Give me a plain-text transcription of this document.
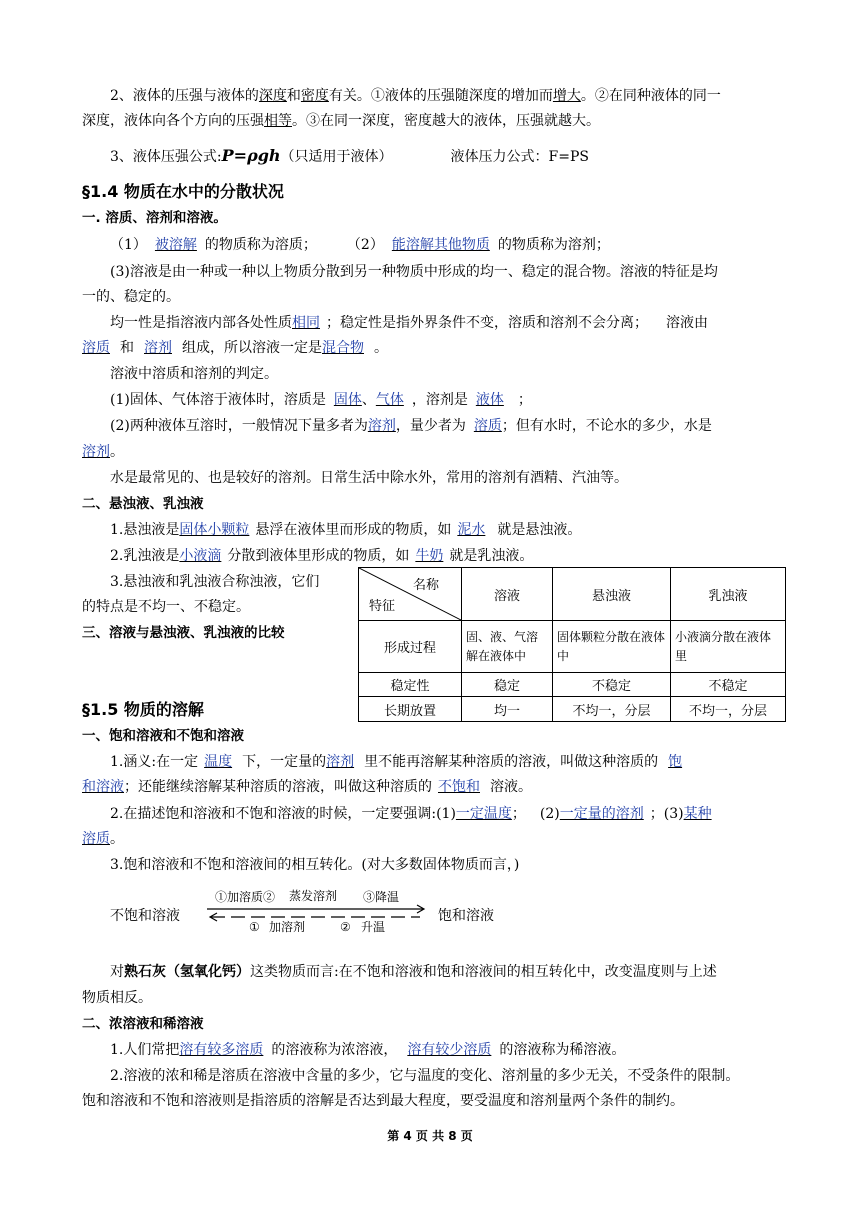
2、液体的压强与液体的深度和密度有关。①液体的压强随深度的增加而增大。②在同种液体的同一
深度，液体向各个方向的压强相等。③在同一深度，密度越大的液体，压强就越大。
3、液体压强公式:P=ρgh（只适用于液体）	液体压力公式：F=PS
§1.4 物质在水中的分散状况
一. 溶质、溶剂和溶液。
（1） 被溶解 的物质称为溶质； （2） 能溶解其他物质 的物质称为溶剂；
(3)溶液是由一种或一种以上物质分散到另一种物质中形成的均一、稳定的混合物。溶液的特征是均
一的、稳定的。
均一性是指溶液内部各处性质相同 ；稳定性是指外界条件不变，溶质和溶剂不会分离； 溶液由
溶质 和 溶剂 组成，所以溶液一定是混合物 。
溶液中溶质和溶剂的判定。
(1)固体、气体溶于液体时，溶质是 固体、气体 ，溶剂是 液体 ；
(2)两种液体互溶时，一般情况下量多者为溶剂，量少者为 溶质；但有水时，不论水的多少，水是
溶剂。
水是最常见的、也是较好的溶剂。日常生活中除水外，常用的溶剂有酒精、汽油等。
二、悬浊液、乳浊液
1.悬浊液是固体小颗粒 悬浮在液体里而形成的物质，如 泥水 就是悬浊液。
2.乳浊液是小液滴 分散到液体里形成的物质，如 牛奶 就是乳浊液。
3.悬浊液和乳浊液合称浊液，它们
的特点是不均一、不稳定。
三、溶液与悬浊液、乳浊液的比较
名称
特征	溶液	悬浊液	乳浊液
形成过程	固、液、气溶解在液体中	固体颗粒分散在液体中	小液滴分散在液体里
稳定性	稳定	不稳定	不稳定
长期放置	均一	不均一，分层	不均一，分层
§1.5 物质的溶解
一、饱和溶液和不饱和溶液
1.涵义:在一定 温度 下，一定量的溶剂 里不能再溶解某种溶质的溶液，叫做这种溶质的 饱
和溶液；还能继续溶解某种溶质的溶液，叫做这种溶质的 不饱和 溶液。
2.在描述饱和溶液和不饱和溶液的时候，一定要强调:(1)一定温度； (2)一定量的溶剂 ；(3)某种
溶质。
3.饱和溶液和不饱和溶液间的相互转化。(对大多数固体物质而言，)
不饱和溶液
①加溶质② 蒸发溶剂 ③降温
① 加溶剂	② 升温
饱和溶液
对熟石灰（氢氧化钙）这类物质而言:在不饱和溶液和饱和溶液间的相互转化中，改变温度则与上述
物质相反。
二、浓溶液和稀溶液
1.人们常把溶有较多溶质 的溶液称为浓溶液， 溶有较少溶质 的溶液称为稀溶液。
2.溶液的浓和稀是溶质在溶液中含量的多少，它与温度的变化、溶剂量的多少无关，不受条件的限制。
饱和溶液和不饱和溶液则是指溶质的溶解是否达到最大程度，要受温度和溶剂量两个条件的制约。
第 4 页 共 8 页
